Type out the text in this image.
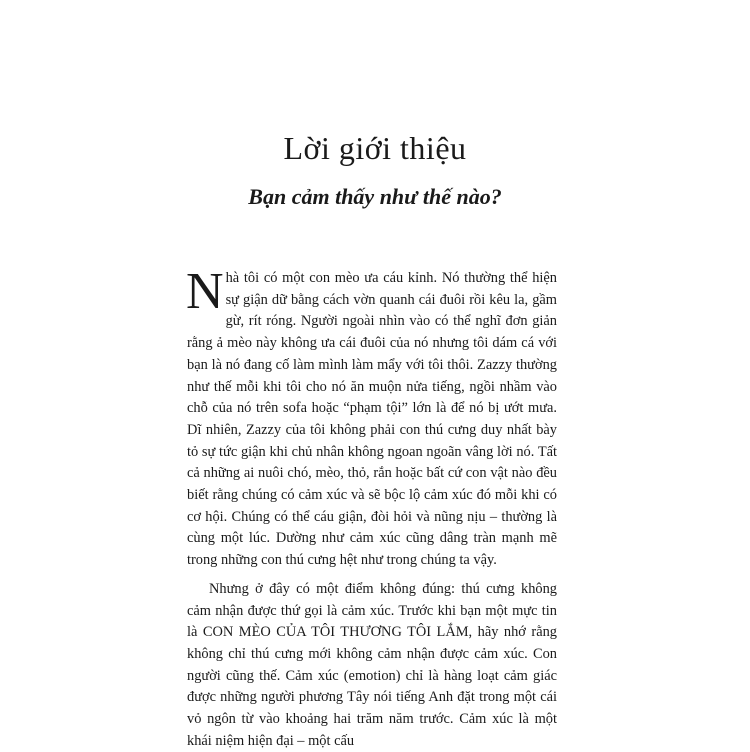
Lời giới thiệu
Bạn cảm thấy như thế nào?

Nhà tôi có một con mèo ưa cáu kỉnh. Nó thường thể hiện sự giận dữ bằng cách vờn quanh cái đuôi rồi kêu la, gầm gừ, rít róng. Người ngoài nhìn vào có thể nghĩ đơn giản rằng ả mèo này không ưa cái đuôi của nó nhưng tôi dám cá với bạn là nó đang cố làm mình làm mẩy với tôi thôi. Zazzy thường như thế mỗi khi tôi cho nó ăn muộn nửa tiếng, ngồi nhầm vào chỗ của nó trên sofa hoặc “phạm tội” lớn là để nó bị ướt mưa. Dĩ nhiên, Zazzy của tôi không phải con thú cưng duy nhất bày tỏ sự tức giận khi chủ nhân không ngoan ngoãn vâng lời nó. Tất cả những ai nuôi chó, mèo, thỏ, rắn hoặc bất cứ con vật nào đều biết rằng chúng có cảm xúc và sẽ bộc lộ cảm xúc đó mỗi khi có cơ hội. Chúng có thể cáu giận, đòi hỏi và nũng nịu – thường là cùng một lúc. Dường như cảm xúc cũng dâng tràn mạnh mẽ trong những con thú cưng hệt như trong chúng ta vậy.

Nhưng ở đây có một điểm không đúng: thú cưng không cảm nhận được thứ gọi là cảm xúc. Trước khi bạn một mực tin là CON MÈO CỦA TÔI THƯƠNG TÔI LẮM, hãy nhớ rằng không chỉ thú cưng mới không cảm nhận được cảm xúc. Con người cũng thế. Cảm xúc (emotion) chỉ là hàng loạt cảm giác được những người phương Tây nói tiếng Anh đặt trong một cái vỏ ngôn từ vào khoảng hai trăm năm trước. Cảm xúc là một khái niệm hiện đại – một cấu
